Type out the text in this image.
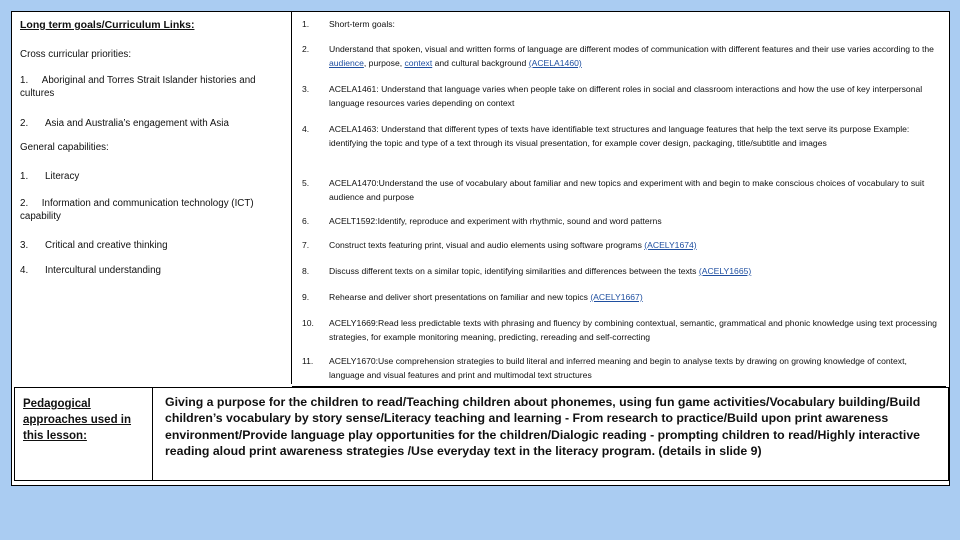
Long term goals/Curriculum Links:
Cross curricular priorities:
1. Aboriginal and Torres Strait Islander histories and cultures
2.	Asia and Australia’s engagement with Asia
General capabilities:
1.	Literacy
2. Information and communication technology (ICT) capability
3.	Critical and creative thinking
4.	Intercultural understanding
1. Short-term goals:
2. Understand that spoken, visual and written forms of language are different modes of communication with different features and their use varies according to the audience, purpose, context and cultural background (ACELA1460)
3. ACELA1461: Understand that language varies when people take on different roles in social and classroom interactions and how the use of key interpersonal language resources varies depending on context
4. ACELA1463: Understand that different types of texts have identifiable text structures and language features that help the text serve its purpose Example: identifying the topic and type of a text through its visual presentation, for example cover design, packaging, title/subtitle and images
5. ACELA1470:Understand the use of vocabulary about familiar and new topics and experiment with and begin to make conscious choices of vocabulary to suit audience and purpose
6. ACELT1592:Identify, reproduce and experiment with rhythmic, sound and word patterns
7. Construct texts featuring print, visual and audio elements using software programs (ACELY1674)
8. Discuss different texts on a similar topic, identifying similarities and differences between the texts (ACELY1665)
9. Rehearse and deliver short presentations on familiar and new topics (ACELY1667)
10. ACELY1669:Read less predictable texts with phrasing and fluency by combining contextual, semantic, grammatical and phonic knowledge using text processing strategies, for example monitoring meaning, predicting, rereading and self-correcting
11. ACELY1670:Use comprehension strategies to build literal and inferred meaning and begin to analyse texts by drawing on growing knowledge of context, language and visual features and print and multimodal text structures
Pedagogical approaches used in this lesson:
Giving a purpose for the children to read/Teaching children about phonemes, using fun game activities/Vocabulary building/Build children’s vocabulary by story sense/Literacy teaching and learning - From research to practice/Build upon print awareness environment/Provide language play opportunities for the children/Dialogic reading - prompting children to read/Highly interactive reading aloud print awareness strategies /Use everyday text in the literacy program. (details in slide 9)
